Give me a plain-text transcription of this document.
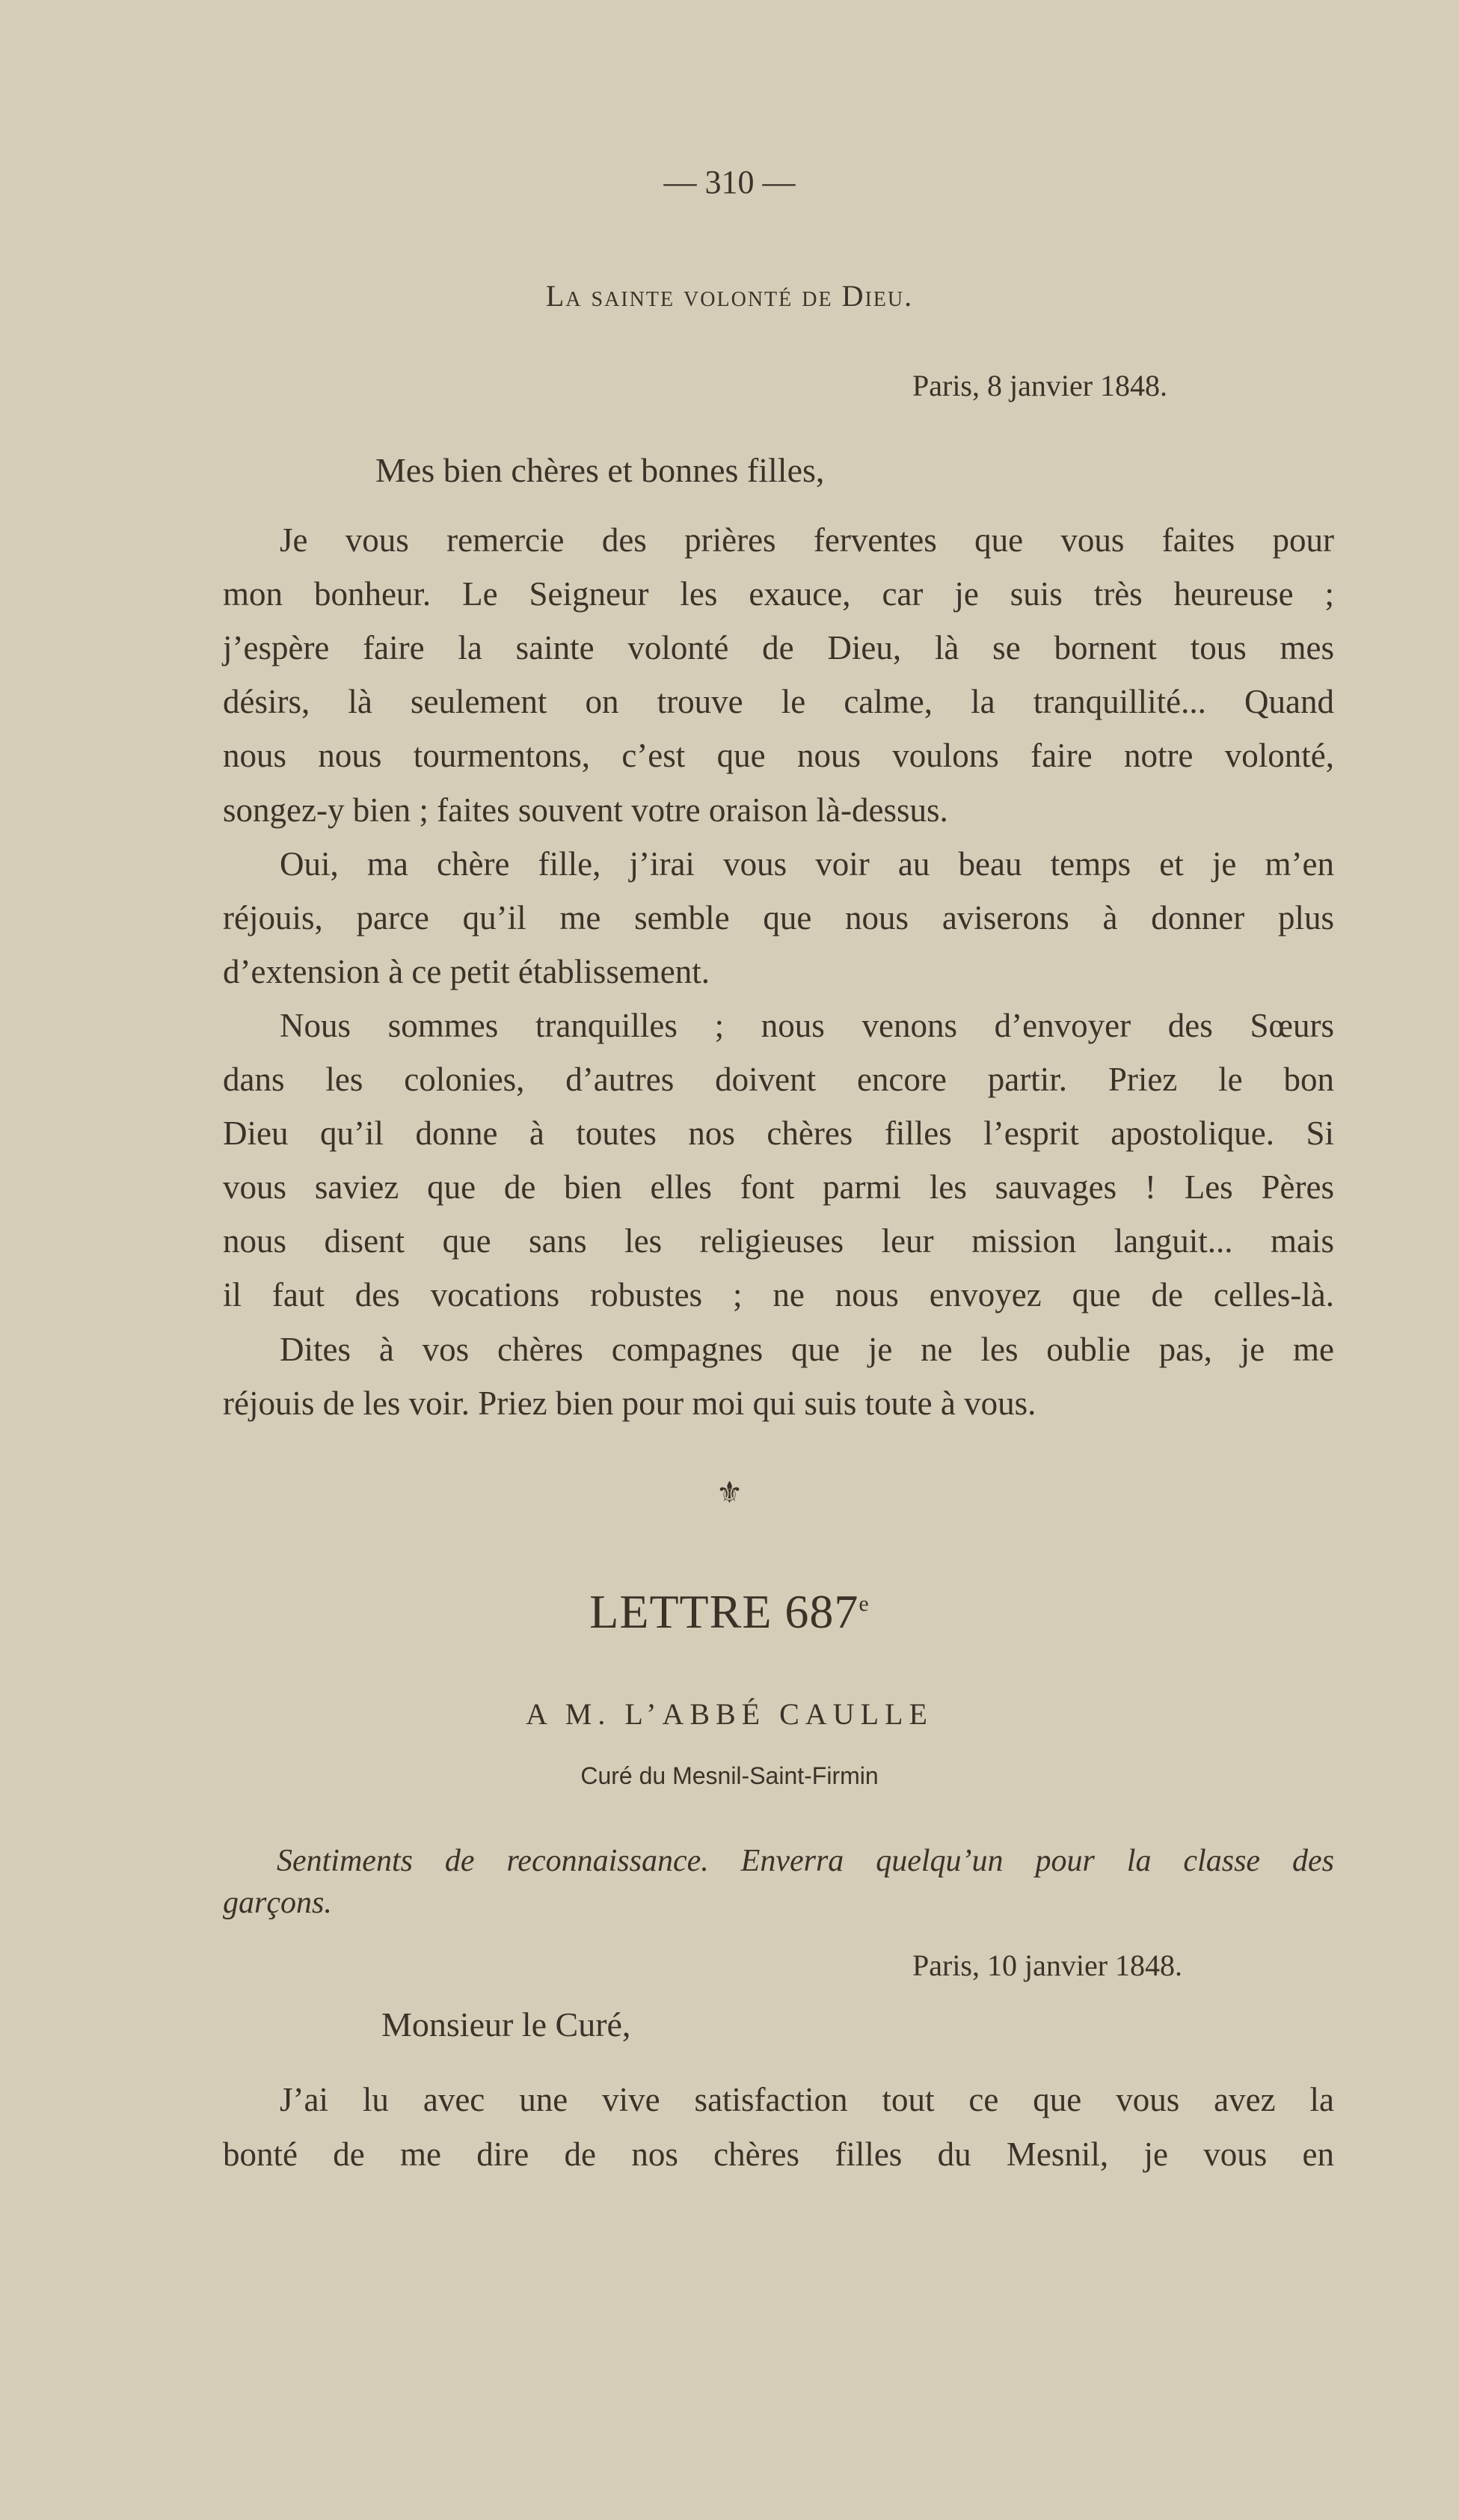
— 310 —
La sainte volonté de Dieu.
Paris, 8 janvier 1848.
Mes bien chères et bonnes filles,
Je vous remercie des prières ferventes que vous faites pour
mon bonheur. Le Seigneur les exauce, car je suis très heureuse ;
j’espère faire la sainte volonté de Dieu, là se bornent tous mes
désirs, là seulement on trouve le calme, la tranquillité... Quand
nous nous tourmentons, c’est que nous voulons faire notre volonté,
songez-y bien ; faites souvent votre oraison là-dessus.
Oui, ma chère fille, j’irai vous voir au beau temps et je m’en
réjouis, parce qu’il me semble que nous aviserons à donner plus
d’extension à ce petit établissement.
Nous sommes tranquilles ; nous venons d’envoyer des Sœurs
dans les colonies, d’autres doivent encore partir. Priez le bon
Dieu qu’il donne à toutes nos chères filles l’esprit apostolique. Si
vous saviez que de bien elles font parmi les sauvages ! Les Pères
nous disent que sans les religieuses leur mission languit... mais
il faut des vocations robustes ; ne nous envoyez que de celles-là.
Dites à vos chères compagnes que je ne les oublie pas, je me
réjouis de les voir. Priez bien pour moi qui suis toute à vous.
⚜
LETTRE 687e
A M. L’ABBÉ CAULLE
Curé du Mesnil-Saint-Firmin
Sentiments de reconnaissance. Enverra quelqu’un pour la classe des
garçons.
Paris, 10 janvier 1848.
Monsieur le Curé,
J’ai lu avec une vive satisfaction tout ce que vous avez la
bonté de me dire de nos chères filles du Mesnil, je vous en
